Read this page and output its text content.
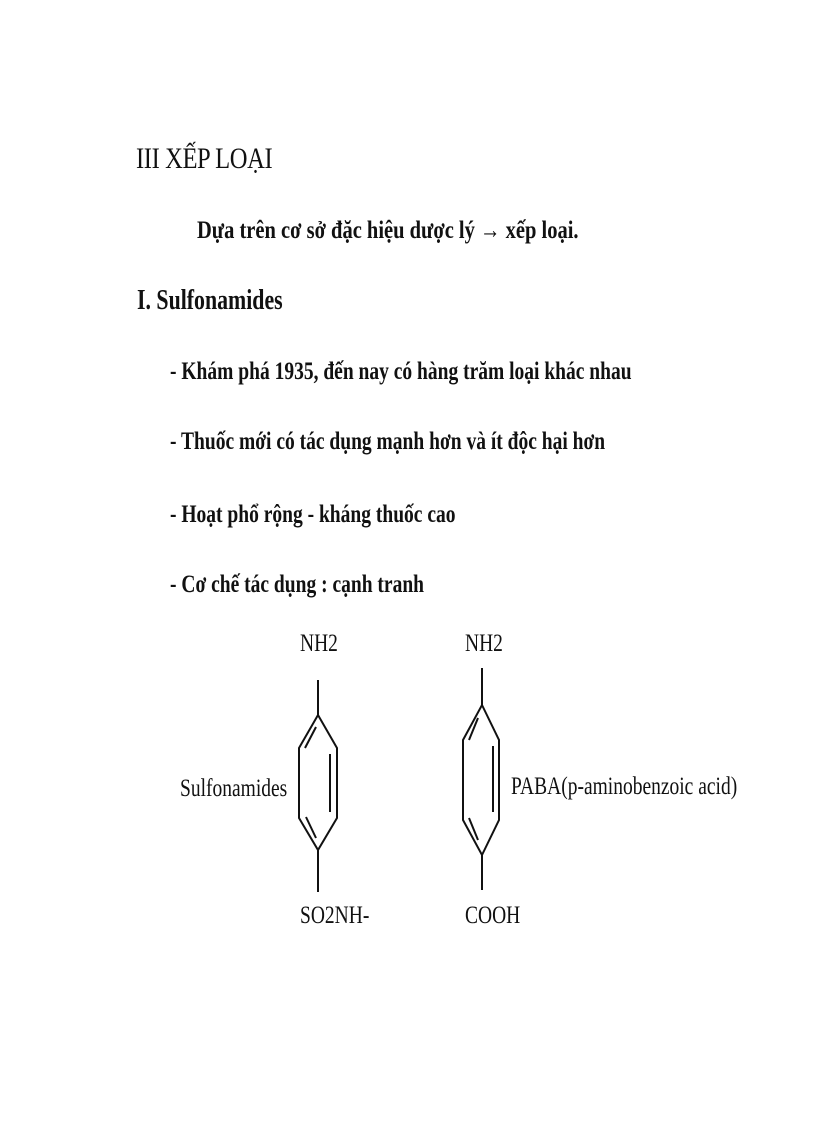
III XẾP LOẠI
Dựa trên cơ sở đặc hiệu dược lý → xếp loại.
I. Sulfonamides
- Khám phá 1935, đến nay có hàng trăm loại khác nhau
- Thuốc mới có tác dụng mạnh hơn và ít độc hại hơn
- Hoạt phổ rộng - kháng thuốc cao
- Cơ chế tác dụng : cạnh tranh
NH2	NH2
Sulfonamides	PABA(p-aminobenzoic acid)
SO2NH-	COOH
